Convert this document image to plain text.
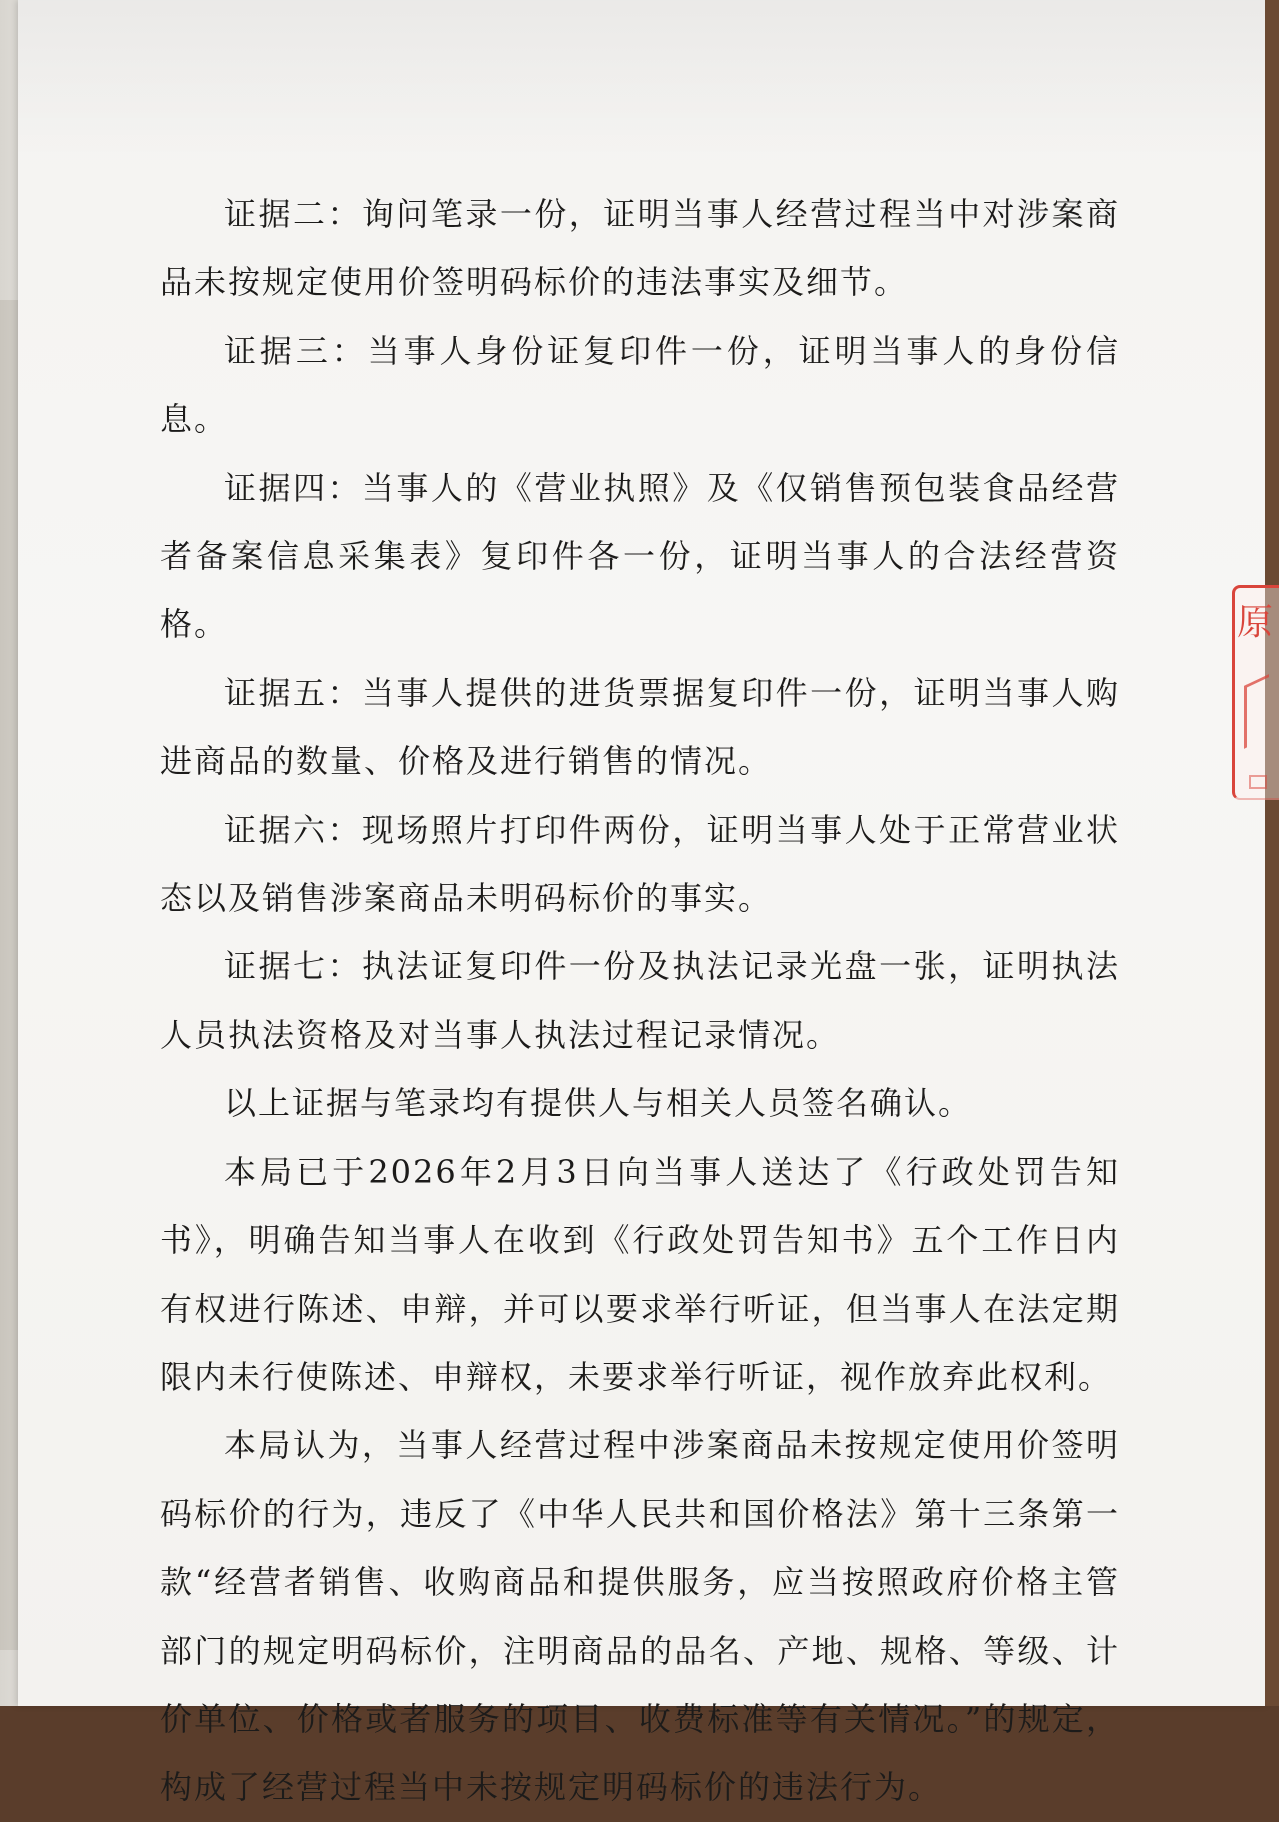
原

证据二：询问笔录一份，证明当事人经营过程当中对涉案商品未按规定使用价签明码标价的违法事实及细节。

证据三：当事人身份证复印件一份，证明当事人的身份信息。

证据四：当事人的《营业执照》及《仅销售预包装食品经营者备案信息采集表》复印件各一份，证明当事人的合法经营资格。

证据五：当事人提供的进货票据复印件一份，证明当事人购进商品的数量、价格及进行销售的情况。

证据六：现场照片打印件两份，证明当事人处于正常营业状态以及销售涉案商品未明码标价的事实。

证据七：执法证复印件一份及执法记录光盘一张，证明执法人员执法资格及对当事人执法过程记录情况。

以上证据与笔录均有提供人与相关人员签名确认。

本局已于2026年2月3日向当事人送达了《行政处罚告知书》，明确告知当事人在收到《行政处罚告知书》五个工作日内有权进行陈述、申辩，并可以要求举行听证，但当事人在法定期限内未行使陈述、申辩权，未要求举行听证，视作放弃此权利。

本局认为，当事人经营过程中涉案商品未按规定使用价签明码标价的行为，违反了《中华人民共和国价格法》第十三条第一款“经营者销售、收购商品和提供服务，应当按照政府价格主管部门的规定明码标价，注明商品的品名、产地、规格、等级、计价单位、价格或者服务的项目、收费标准等有关情况。”的规定，构成了经营过程当中未按规定明码标价的违法行为。
